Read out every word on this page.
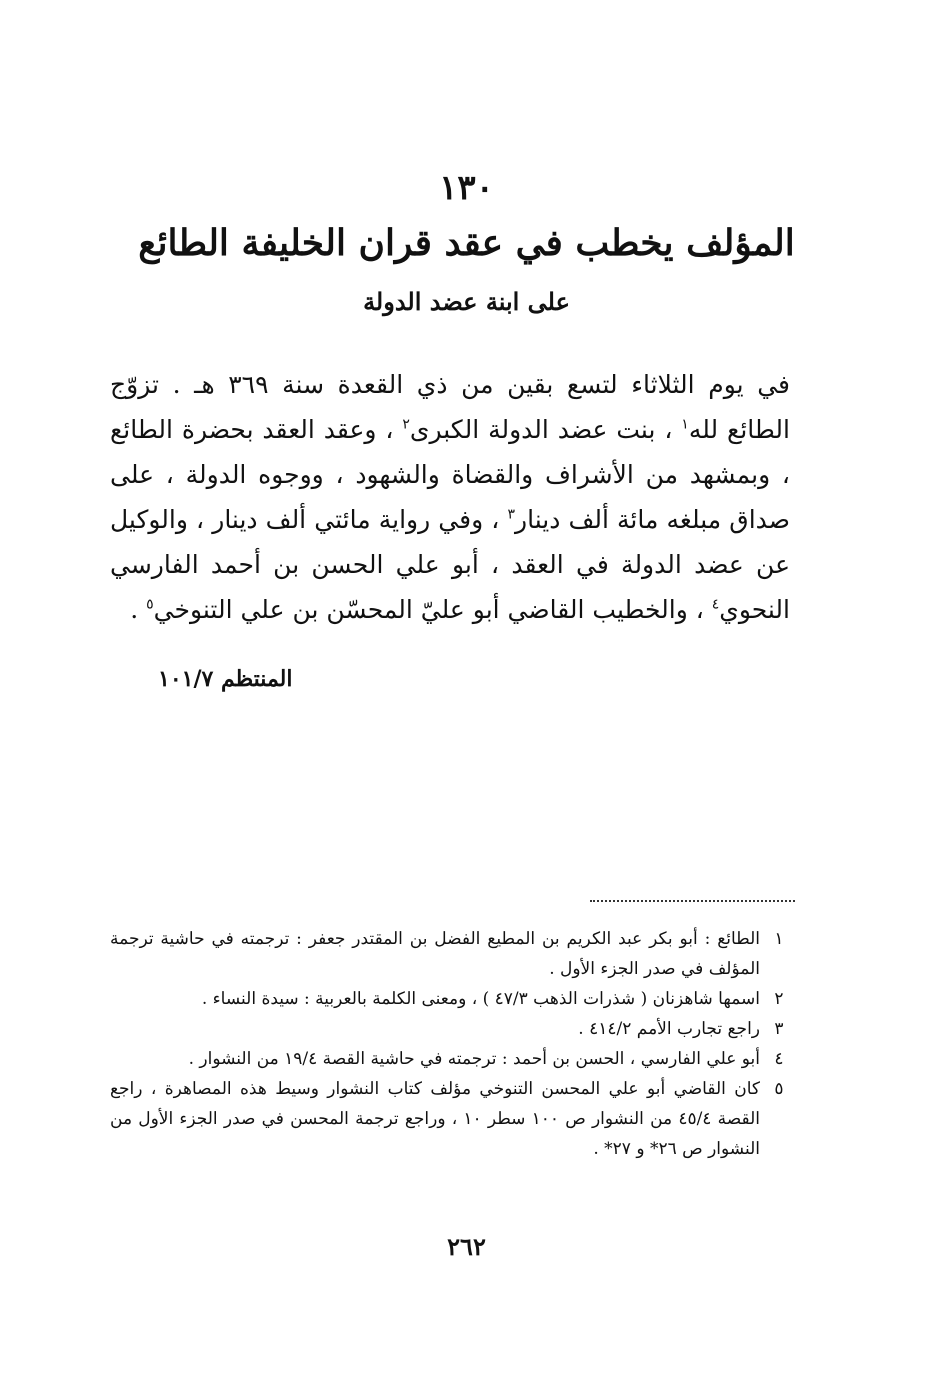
١٣٠
المؤلف يخطب في عقد قران الخليفة الطائع
على ابنة عضد الدولة

في يوم الثلاثاء لتسع بقين من ذي القعدة سنة ٣٦٩ هـ . تزوّج الطائع لله$^١$ ، بنت عضد الدولة الكبرى$^٢$ ، وعقد العقد بحضرة الطائع ، وبمشهد من الأشراف والقضاة والشهود ، ووجوه الدولة ، على صداق مبلغه مائة ألف دينار$^٣$ ، وفي رواية مائتي ألف دينار ، والوكيل عن عضد الدولة في العقد ، أبو علي الحسن بن أحمد الفارسي النحوي$^٤$ ، والخطيب القاضي أبو عليّ المحسّن بن علي التنوخي$^٥$ .

المنتظم ١٠١/٧
١
الطائع : أبو بكر عبد الكريم بن المطيع الفضل بن المقتدر جعفر : ترجمته في حاشية ترجمة المؤلف في صدر الجزء الأول .
٢
اسمها شاهزنان ( شذرات الذهب ٤٧/٣ ) ، ومعنى الكلمة بالعربية : سيدة النساء .
٣
راجع تجارب الأمم ٤١٤/٢ .
٤
أبو علي الفارسي ، الحسن بن أحمد : ترجمته في حاشية القصة ١٩/٤ من النشوار .
٥
كان القاضي أبو علي المحسن التنوخي مؤلف كتاب النشوار وسيط هذه المصاهرة ، راجع القصة ٤٥/٤ من النشوار ص ١٠٠ سطر ١٠ ، وراجع ترجمة المحسن في صدر الجزء الأول من النشوار ص ٢٦* و ٢٧* .
٢٦٢
